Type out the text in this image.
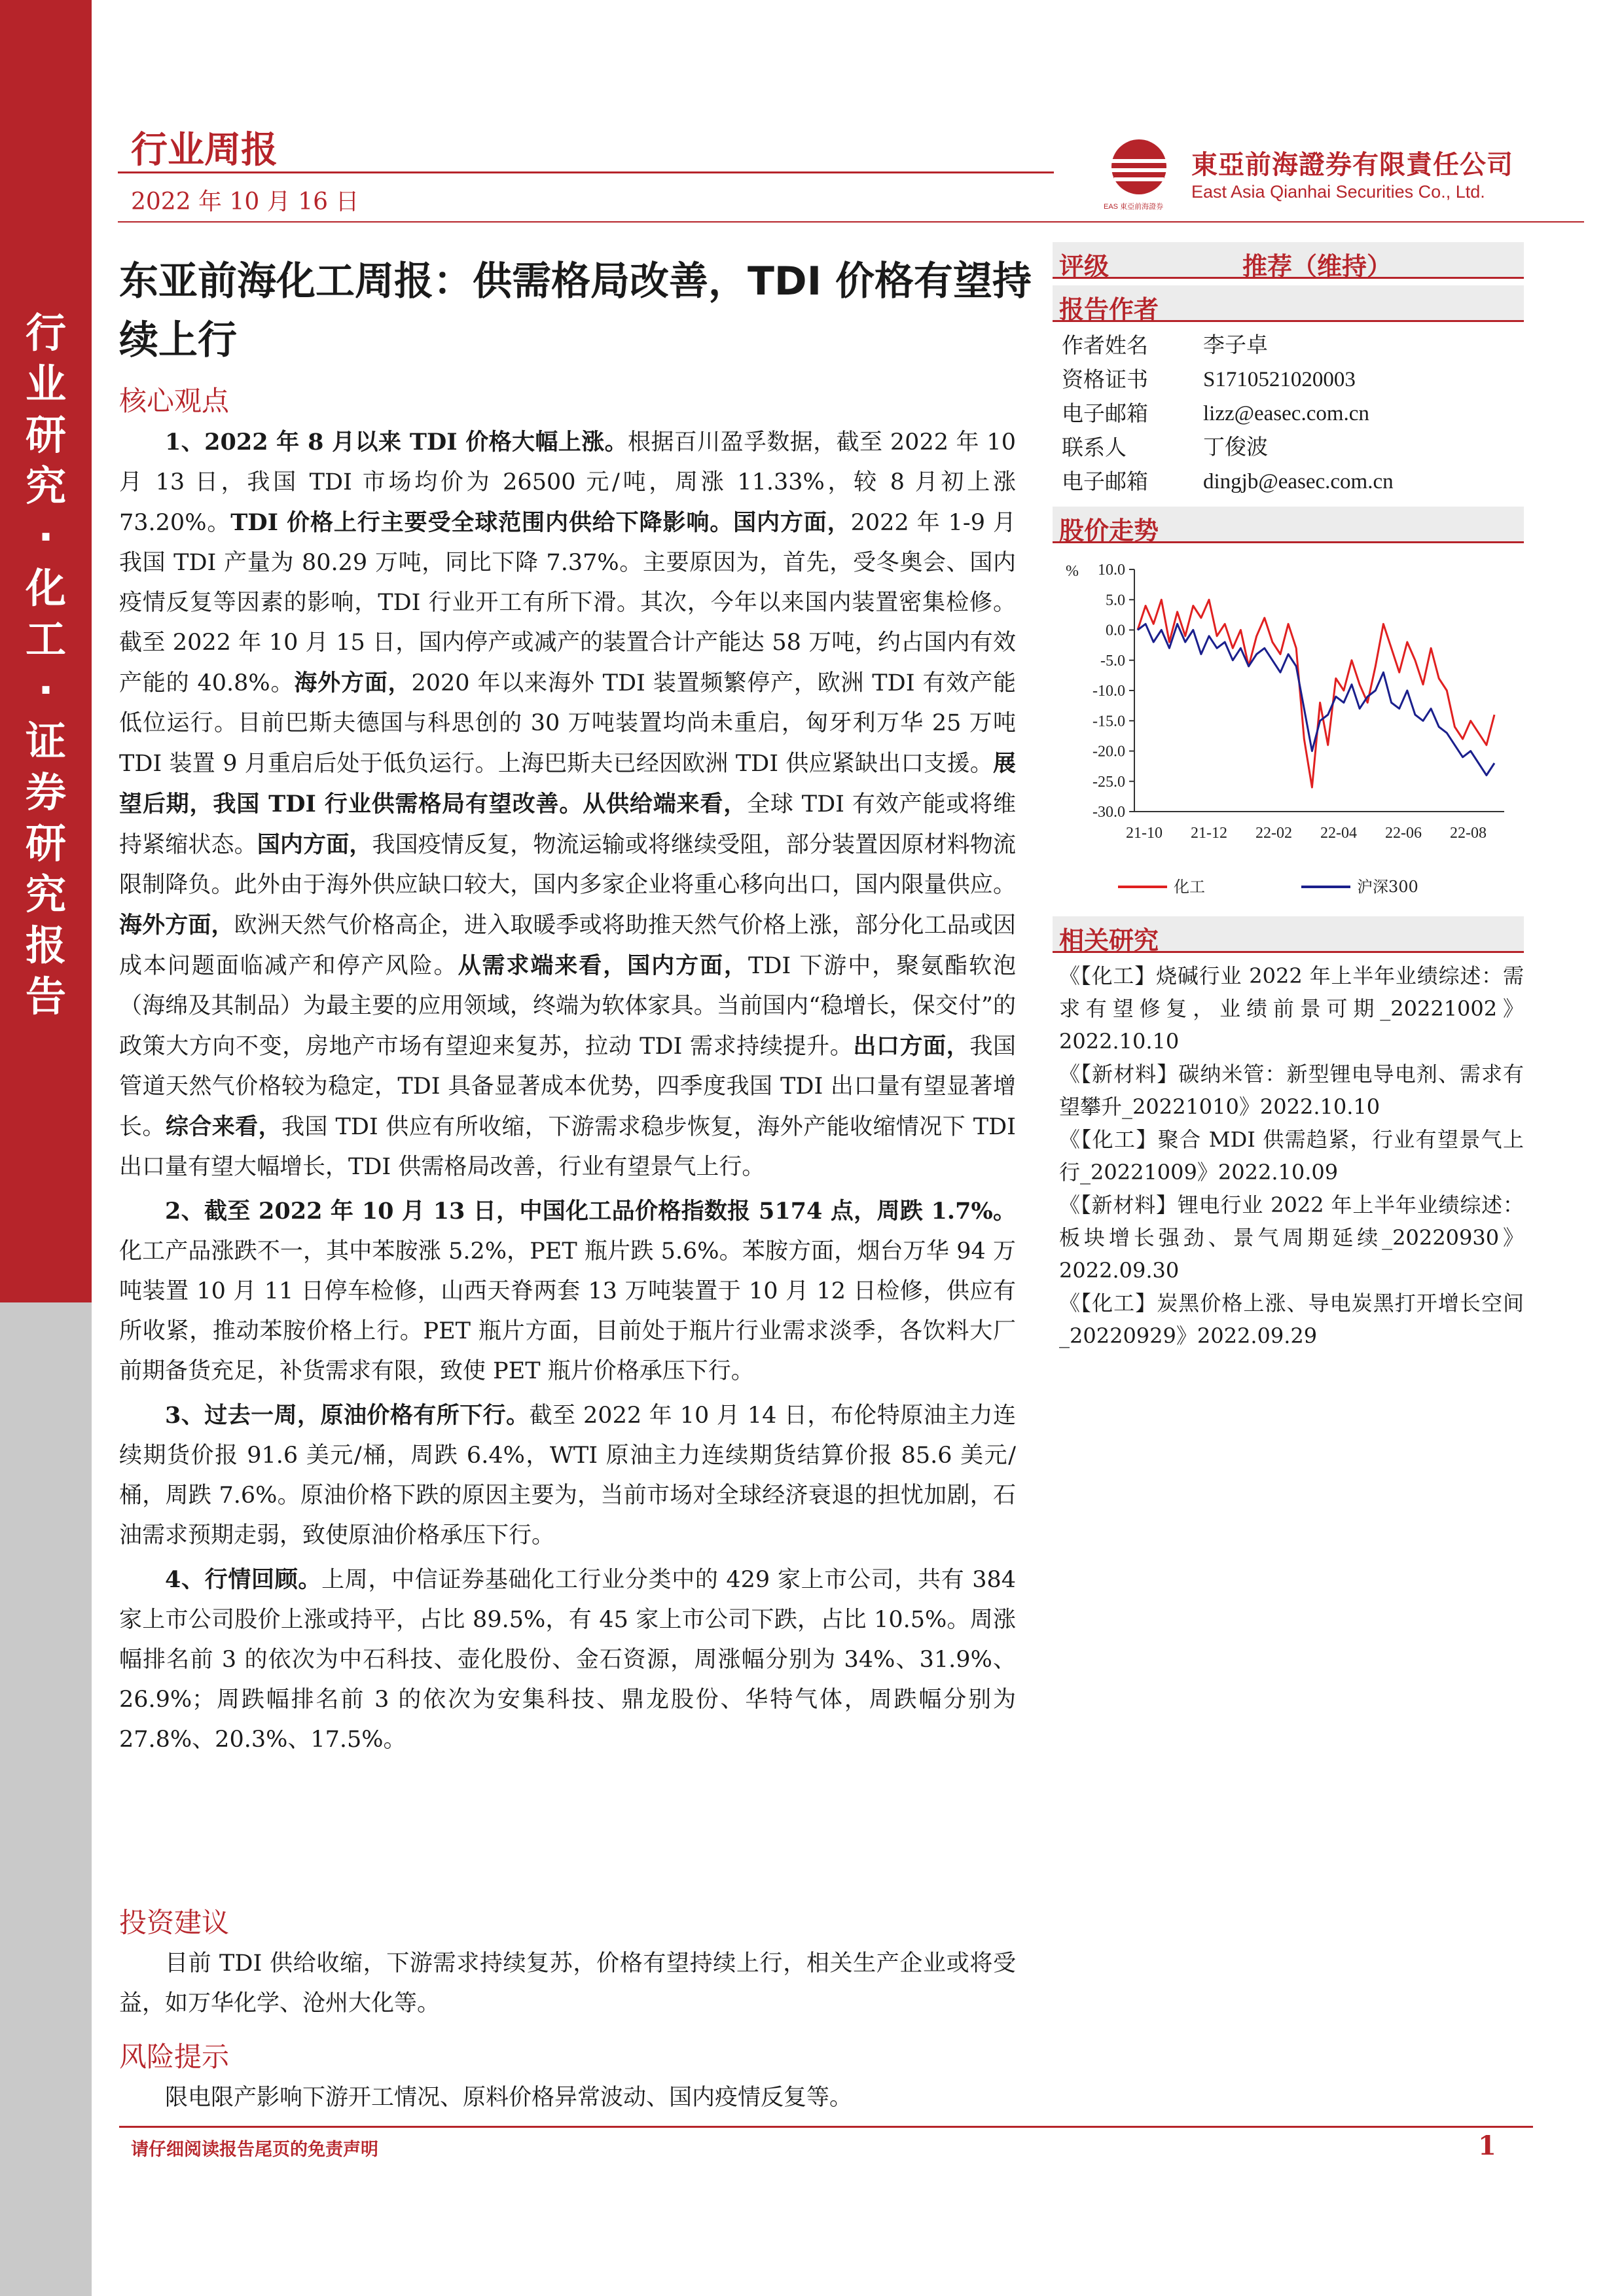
行
业
研
究
·
化
工
·
证
券
研
究
报
告
行业周报
2022 年 10 月 16 日	EAS 東亞前海證券
東亞前海證券有限責任公司
East Asia Qianhai Securities Co., Ltd.
东亚前海化工周报：供需格局改善，TDI 价格有望持续上行
核心观点

1、2022 年 8 月以来 TDI 价格大幅上涨。根据百川盈孚数据，截至 2022 年 10 月 13 日，我国 TDI 市场均价为 26500 元/吨，周涨 11.33%，较 8 月初上涨 73.20%。TDI 价格上行主要受全球范围内供给下降影响。国内方面，2022 年 1-9 月我国 TDI 产量为 80.29 万吨，同比下降 7.37%。主要原因为，首先，受冬奥会、国内疫情反复等因素的影响，TDI 行业开工有所下滑。其次，今年以来国内装置密集检修。截至 2022 年 10 月 15 日，国内停产或减产的装置合计产能达 58 万吨，约占国内有效产能的 40.8%。海外方面，2020 年以来海外 TDI 装置频繁停产，欧洲 TDI 有效产能低位运行。目前巴斯夫德国与科思创的 30 万吨装置均尚未重启，匈牙利万华 25 万吨 TDI 装置 9 月重启后处于低负运行。上海巴斯夫已经因欧洲 TDI 供应紧缺出口支援。展望后期，我国 TDI 行业供需格局有望改善。从供给端来看，全球 TDI 有效产能或将维持紧缩状态。国内方面，我国疫情反复，物流运输或将继续受阻，部分装置因原材料物流限制降负。此外由于海外供应缺口较大，国内多家企业将重心移向出口，国内限量供应。海外方面，欧洲天然气价格高企，进入取暖季或将助推天然气价格上涨，部分化工品或因成本问题面临减产和停产风险。从需求端来看，国内方面，TDI 下游中，聚氨酯软泡（海绵及其制品）为最主要的应用领域，终端为软体家具。当前国内“稳增长，保交付”的政策大方向不变，房地产市场有望迎来复苏，拉动 TDI 需求持续提升。出口方面，我国管道天然气价格较为稳定，TDI 具备显著成本优势，四季度我国 TDI 出口量有望显著增长。综合来看，我国 TDI 供应有所收缩，下游需求稳步恢复，海外产能收缩情况下 TDI 出口量有望大幅增长，TDI 供需格局改善，行业有望景气上行。

2、截至 2022 年 10 月 13 日，中国化工品价格指数报 5174 点，周跌 1.7%。化工产品涨跌不一，其中苯胺涨 5.2%，PET 瓶片跌 5.6%。苯胺方面，烟台万华 94 万吨装置 10 月 11 日停车检修，山西天脊两套 13 万吨装置于 10 月 12 日检修，供应有所收紧，推动苯胺价格上行。PET 瓶片方面，目前处于瓶片行业需求淡季，各饮料大厂前期备货充足，补货需求有限，致使 PET 瓶片价格承压下行。

3、过去一周，原油价格有所下行。截至 2022 年 10 月 14 日，布伦特原油主力连续期货价报 91.6 美元/桶，周跌 6.4%，WTI 原油主力连续期货结算价报 85.6 美元/桶，周跌 7.6%。原油价格下跌的原因主要为，当前市场对全球经济衰退的担忧加剧，石油需求预期走弱，致使原油价格承压下行。

4、行情回顾。上周，中信证券基础化工行业分类中的 429 家上市公司，共有 384 家上市公司股价上涨或持平，占比 89.5%，有 45 家上市公司下跌，占比 10.5%。周涨幅排名前 3 的依次为中石科技、壶化股份、金石资源，周涨幅分别为 34%、31.9%、26.9%；周跌幅排名前 3 的依次为安集科技、鼎龙股份、华特气体，周跌幅分别为 27.8%、20.3%、17.5%。

投资建议

目前 TDI 供给收缩，下游需求持续复苏，价格有望持续上行，相关生产企业或将受益，如万华化学、沧州大化等。

风险提示

限电限产影响下游开工情况、原料价格异常波动、国内疫情反复等。

评级	推荐（维持）
报告作者
作者姓名	李子卓
资格证书	S1710521020003
电子邮箱	lizz@easec.com.cn
联系人	丁俊波
电子邮箱	dingjb@easec.com.cn
股价走势
% 10.0
5.0
0.0
-5.0
-10.0
-15.0
-20.0
-25.0
-30.0
21-10 21-12 22-02 22-04 22-06 22-08
化工	沪深300
相关研究
《【化工】烧碱行业 2022 年上半年业绩综述：需求有望修复，业绩前景可期_20221002》2022.10.10
《【新材料】碳纳米管：新型锂电导电剂、需求有望攀升_20221010》2022.10.10
《【化工】聚合 MDI 供需趋紧，行业有望景气上行_20221009》2022.10.09
《【新材料】锂电行业 2022 年上半年业绩综述：板块增长强劲、景气周期延续_20220930》2022.09.30
《【化工】炭黑价格上涨、导电炭黑打开增长空间_20220929》2022.09.29
请仔细阅读报告尾页的免责声明	1
